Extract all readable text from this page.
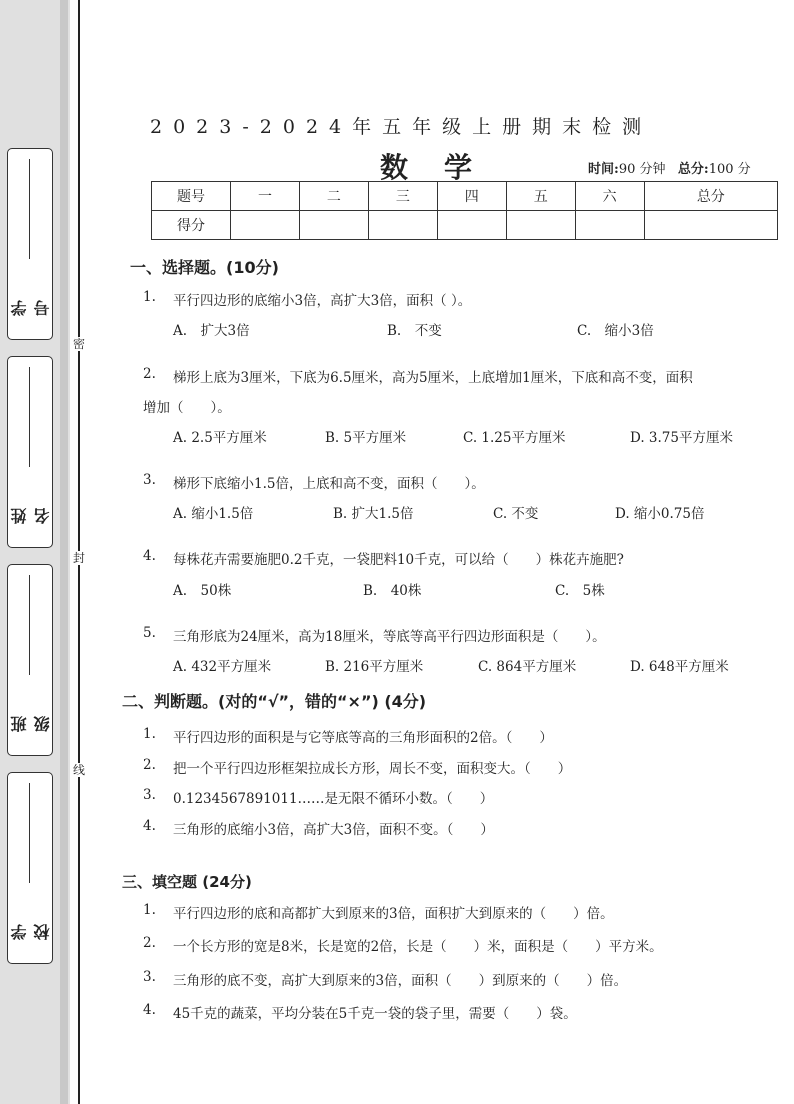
学号
姓名
班级
学校
密
封
线
2023-2024年五年级上册期末检测
数学	时间:90 分钟 总分:100 分
题号	一	二	三	四	五	六	总分
得分							
一、选择题。(10分)
1. 平行四边形的底缩小3倍，高扩大3倍，面积（ ）。
A.　扩大3倍	B.　不变	C.　缩小3倍
2. 梯形上底为3厘米，下底为6.5厘米，高为5厘米，上底增加1厘米，下底和高不变，面积
增加（　　）。
A. 2.5平方厘米	B. 5平方厘米	C. 1.25平方厘米	D. 3.75平方厘米
3. 梯形下底缩小1.5倍，上底和高不变，面积（　　）。
A. 缩小1.5倍	B. 扩大1.5倍	C. 不变	D. 缩小0.75倍
4. 每株花卉需要施肥0.2千克，一袋肥料10千克，可以给（　　）株花卉施肥?
A.　50株	B.　40株	C.　5株
5. 三角形底为24厘米，高为18厘米，等底等高平行四边形面积是（　　）。
A. 432平方厘米	B. 216平方厘米	C. 864平方厘米	D. 648平方厘米
二、判断题。(对的“√”，错的“×”) (4分)
1. 平行四边形的面积是与它等底等高的三角形面积的2倍。（　　）
2. 把一个平行四边形框架拉成长方形，周长不变，面积变大。（　　）
3. 0.1234567891011……是无限不循环小数。（　　）
4. 三角形的底缩小3倍，高扩大3倍，面积不变。（　　）
三、填空题 (24分)
1. 平行四边形的底和高都扩大到原来的3倍，面积扩大到原来的（　　）倍。
2. 一个长方形的宽是8米，长是宽的2倍，长是（　　）米，面积是（　　）平方米。
3. 三角形的底不变，高扩大到原来的3倍，面积（　　）到原来的（　　）倍。
4. 45千克的蔬菜，平均分装在5千克一袋的袋子里，需要（　　）袋。
